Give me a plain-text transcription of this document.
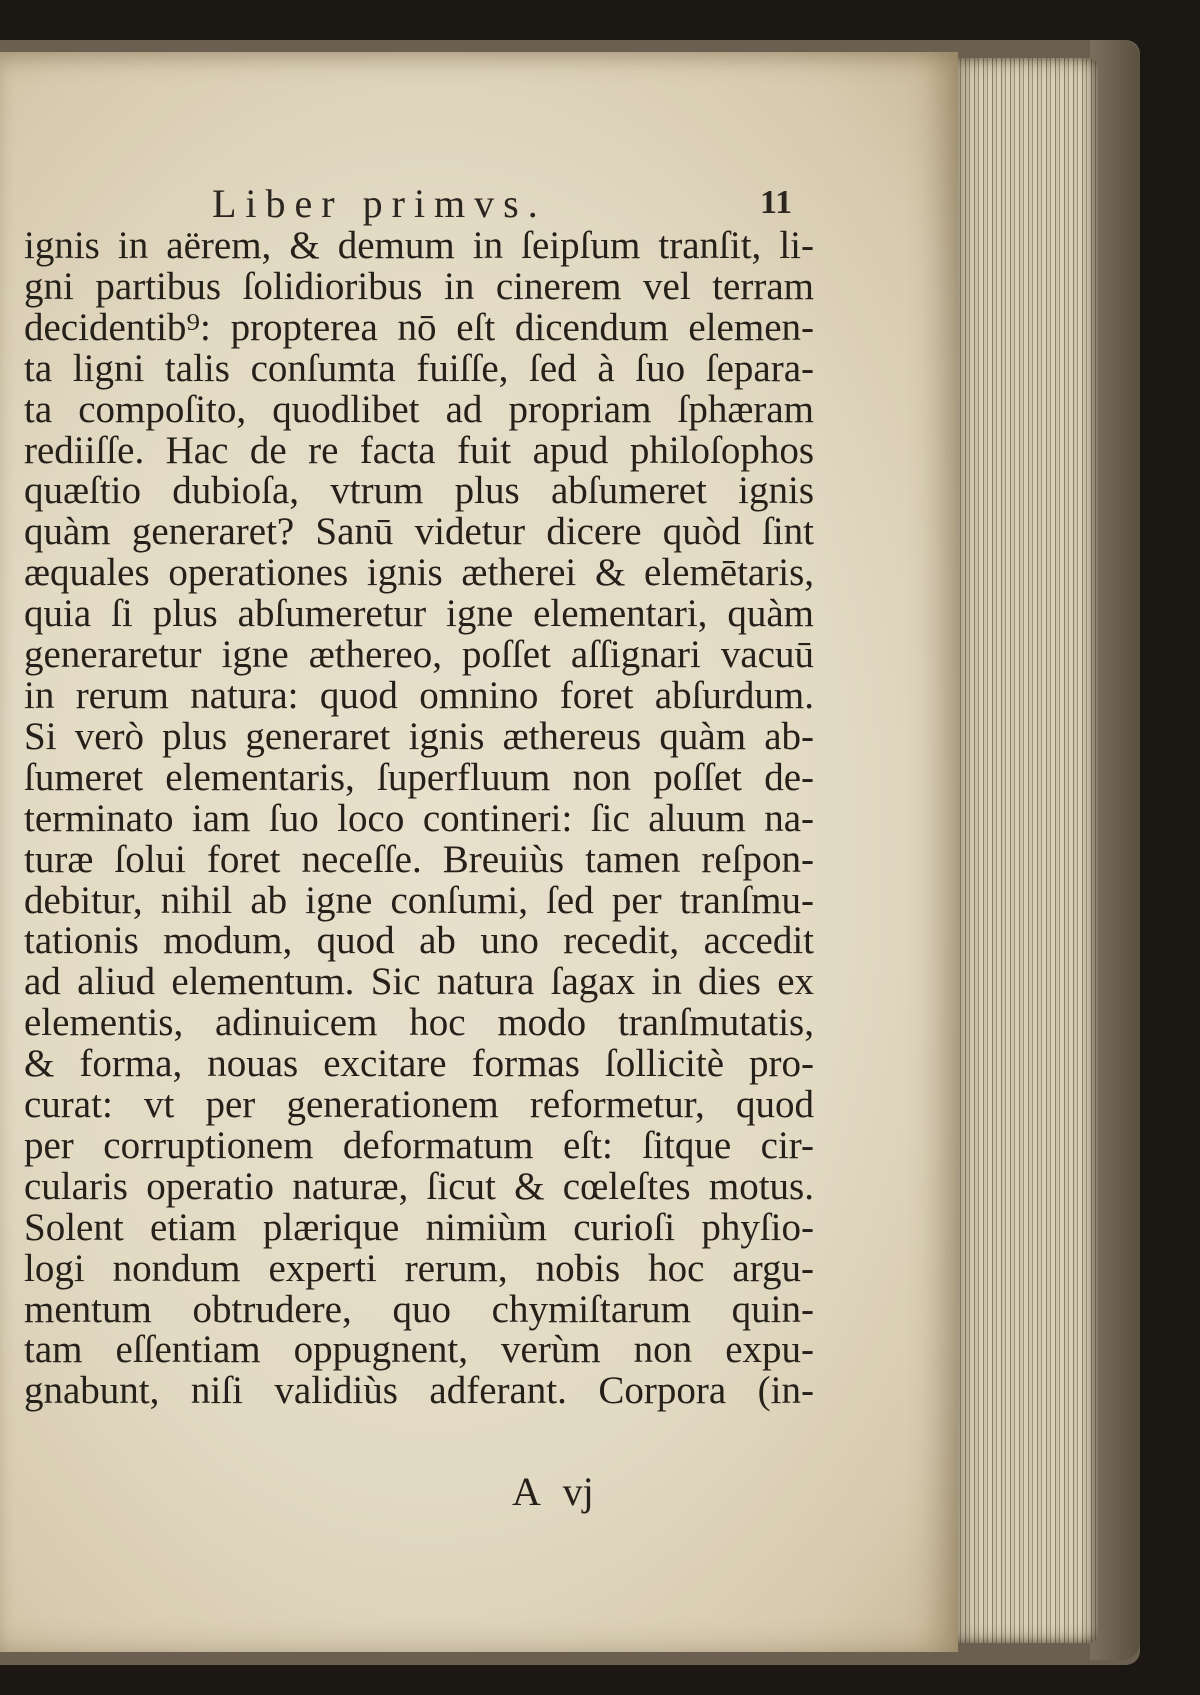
Liber primvs.	11
ignis in aërem, & demum in ſeipſum tranſit, li-
gni partibus ſolidioribus in cinerem vel terram
decidentib⁹: propterea nō eſt dicendum elemen-
ta ligni talis conſumta fuiſſe, ſed à ſuo ſepara-
ta compoſito, quodlibet ad propriam ſphæram
rediiſſe. Hac de re facta fuit apud philoſophos
quæſtio dubioſa, vtrum plus abſumeret ignis
quàm generaret? Sanū videtur dicere quòd ſint
æquales operationes ignis ætherei & elemētaris,
quia ſi plus abſumeretur igne elementari, quàm
generaretur igne æthereo, poſſet aſſignari vacuū
in rerum natura: quod omnino foret abſurdum.
Si verò plus generaret ignis æthereus quàm ab-
ſumeret elementaris, ſuperfluum non poſſet de-
terminato iam ſuo loco contineri: ſic aluum na-
turæ ſolui foret neceſſe. Breuiùs tamen reſpon-
debitur, nihil ab igne conſumi, ſed per tranſmu-
tationis modum, quod ab uno recedit, accedit
ad aliud elementum. Sic natura ſagax in dies ex
elementis, adinuicem hoc modo tranſmutatis,
& forma, nouas excitare formas ſollicitè pro-
curat: vt per generationem reformetur, quod
per corruptionem deformatum eſt: ſitque cir-
cularis operatio naturæ, ſicut & cœleſtes motus.
Solent etiam plærique nimiùm curioſi phyſio-
logi nondum experti rerum, nobis hoc argu-
mentum obtrudere, quo chymiſtarum quin-
tam eſſentiam oppugnent, verùm non expu-
gnabunt, niſi validiùs adferant. Corpora (in-
A vj
